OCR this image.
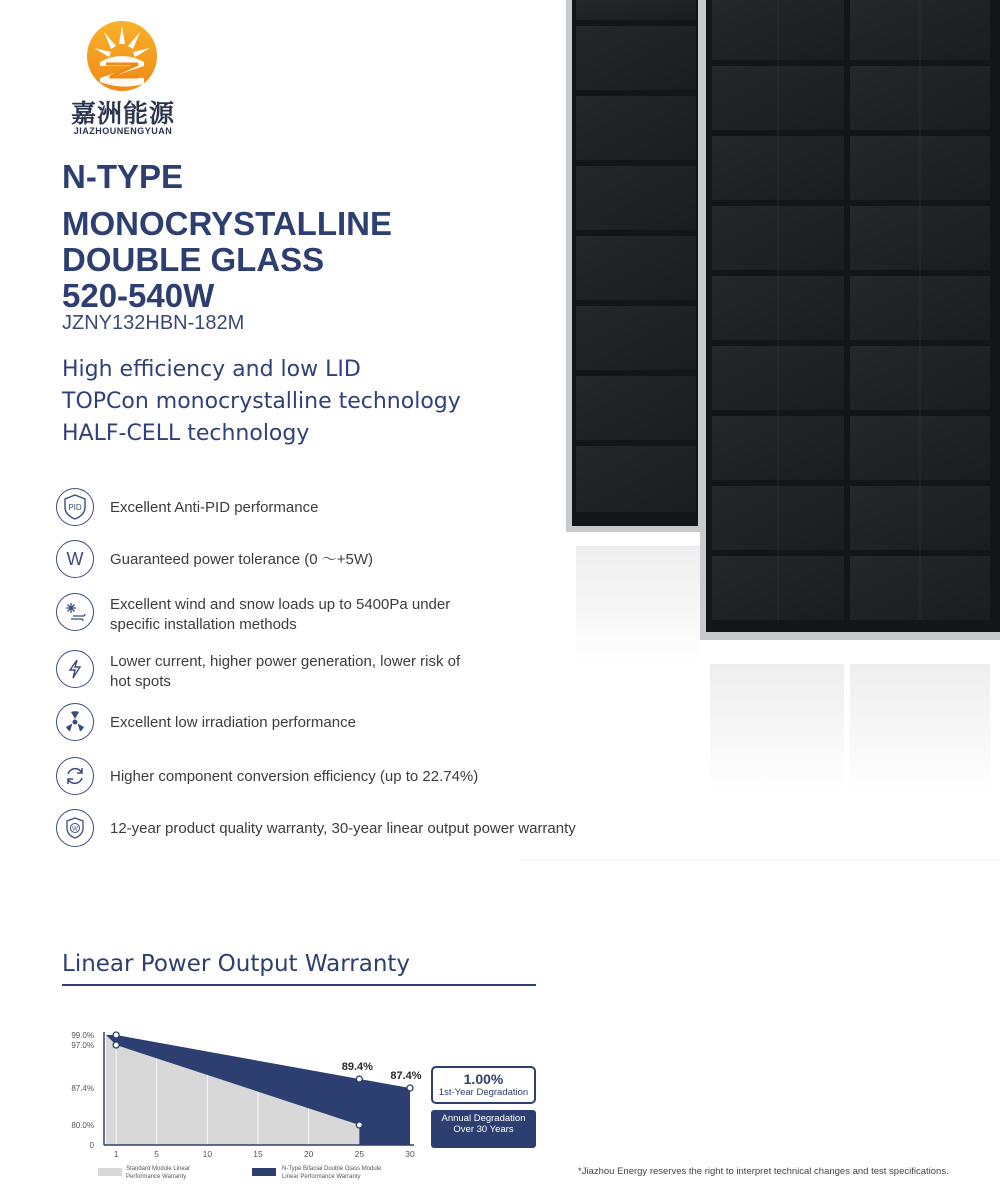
嘉洲能源
JIAZHOUNENGYUAN
N-TYPE
MONOCRYSTALLINE
DOUBLE GLASS
520-540W
JZNY132HBN-182M
High efficiency and low LID
TOPCon monocrystalline technology
HALF-CELL technology
PID Excellent Anti-PID performance
W Guaranteed power tolerance (0 ～+5W)
Excellent wind and snow loads up to 5400Pa under
specific installation methods
Lower current, higher power generation, lower risk of
hot spots
Excellent low irradiation performance
Higher component conversion efficiency (up to 22.74%)
W 12-year product quality warranty, 30-year linear output power warranty
Linear Power Output Warranty
89.4%
87.4%
99.0%
97.0%
87.4%
80.0%
0
1	5	10	15	20	25	30
Standard Module Linear
Performance Warranty
N-Type Bifacial Double Glass Module
Linear Performance Warranty
1.00%
1st-Year Degradation
Annual Degradation
Over 30 Years
*Jiazhou Energy reserves the right to interpret technical changes and test specifications.
